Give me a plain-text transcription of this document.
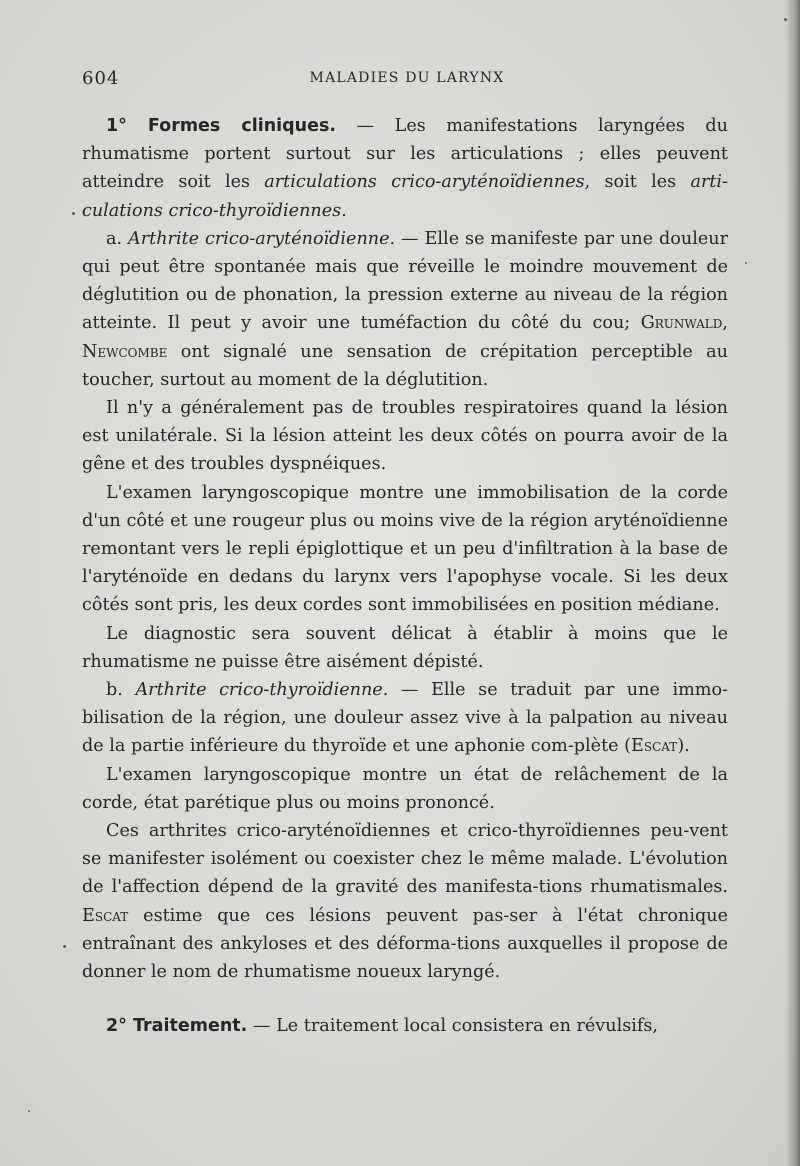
604	MALADIES DU LARYNX

1° Formes cliniques. — Les manifestations laryngées du rhumatisme portent surtout sur les articulations ; elles peuvent atteindre soit les articulations crico-aryténoïdiennes, soit les arti-culations crico-thyroïdiennes.

a. Arthrite crico-aryténoïdienne. — Elle se manifeste par une douleur qui peut être spontanée mais que réveille le moindre mouvement de déglutition ou de phonation, la pression externe au niveau de la région atteinte. Il peut y avoir une tuméfaction du côté du cou; Grunwald, Newcombe ont signalé une sensation de crépitation perceptible au toucher, surtout au moment de la déglutition.

Il n'y a généralement pas de troubles respiratoires quand la lésion est unilatérale. Si la lésion atteint les deux côtés on pourra avoir de la gêne et des troubles dyspnéiques.

L'examen laryngoscopique montre une immobilisation de la corde d'un côté et une rougeur plus ou moins vive de la région aryténoïdienne remontant vers le repli épiglottique et un peu d'infiltration à la base de l'aryténoïde en dedans du larynx vers l'apophyse vocale. Si les deux côtés sont pris, les deux cordes sont immobilisées en position médiane.

Le diagnostic sera souvent délicat à établir à moins que le rhumatisme ne puisse être aisément dépisté.

b. Arthrite crico-thyroïdienne. — Elle se traduit par une immo-bilisation de la région, une douleur assez vive à la palpation au niveau de la partie inférieure du thyroïde et une aphonie com-plète (Escat).

L'examen laryngoscopique montre un état de relâchement de la corde, état parétique plus ou moins prononcé.

Ces arthrites crico-aryténoïdiennes et crico-thyroïdiennes peu-vent se manifester isolément ou coexister chez le même malade. L'évolution de l'affection dépend de la gravité des manifesta-tions rhumatismales. Escat estime que ces lésions peuvent pas-ser à l'état chronique entraînant des ankyloses et des déforma-tions auxquelles il propose de donner le nom de rhumatisme noueux laryngé.

2° Traitement. — Le traitement local consistera en révulsifs,
